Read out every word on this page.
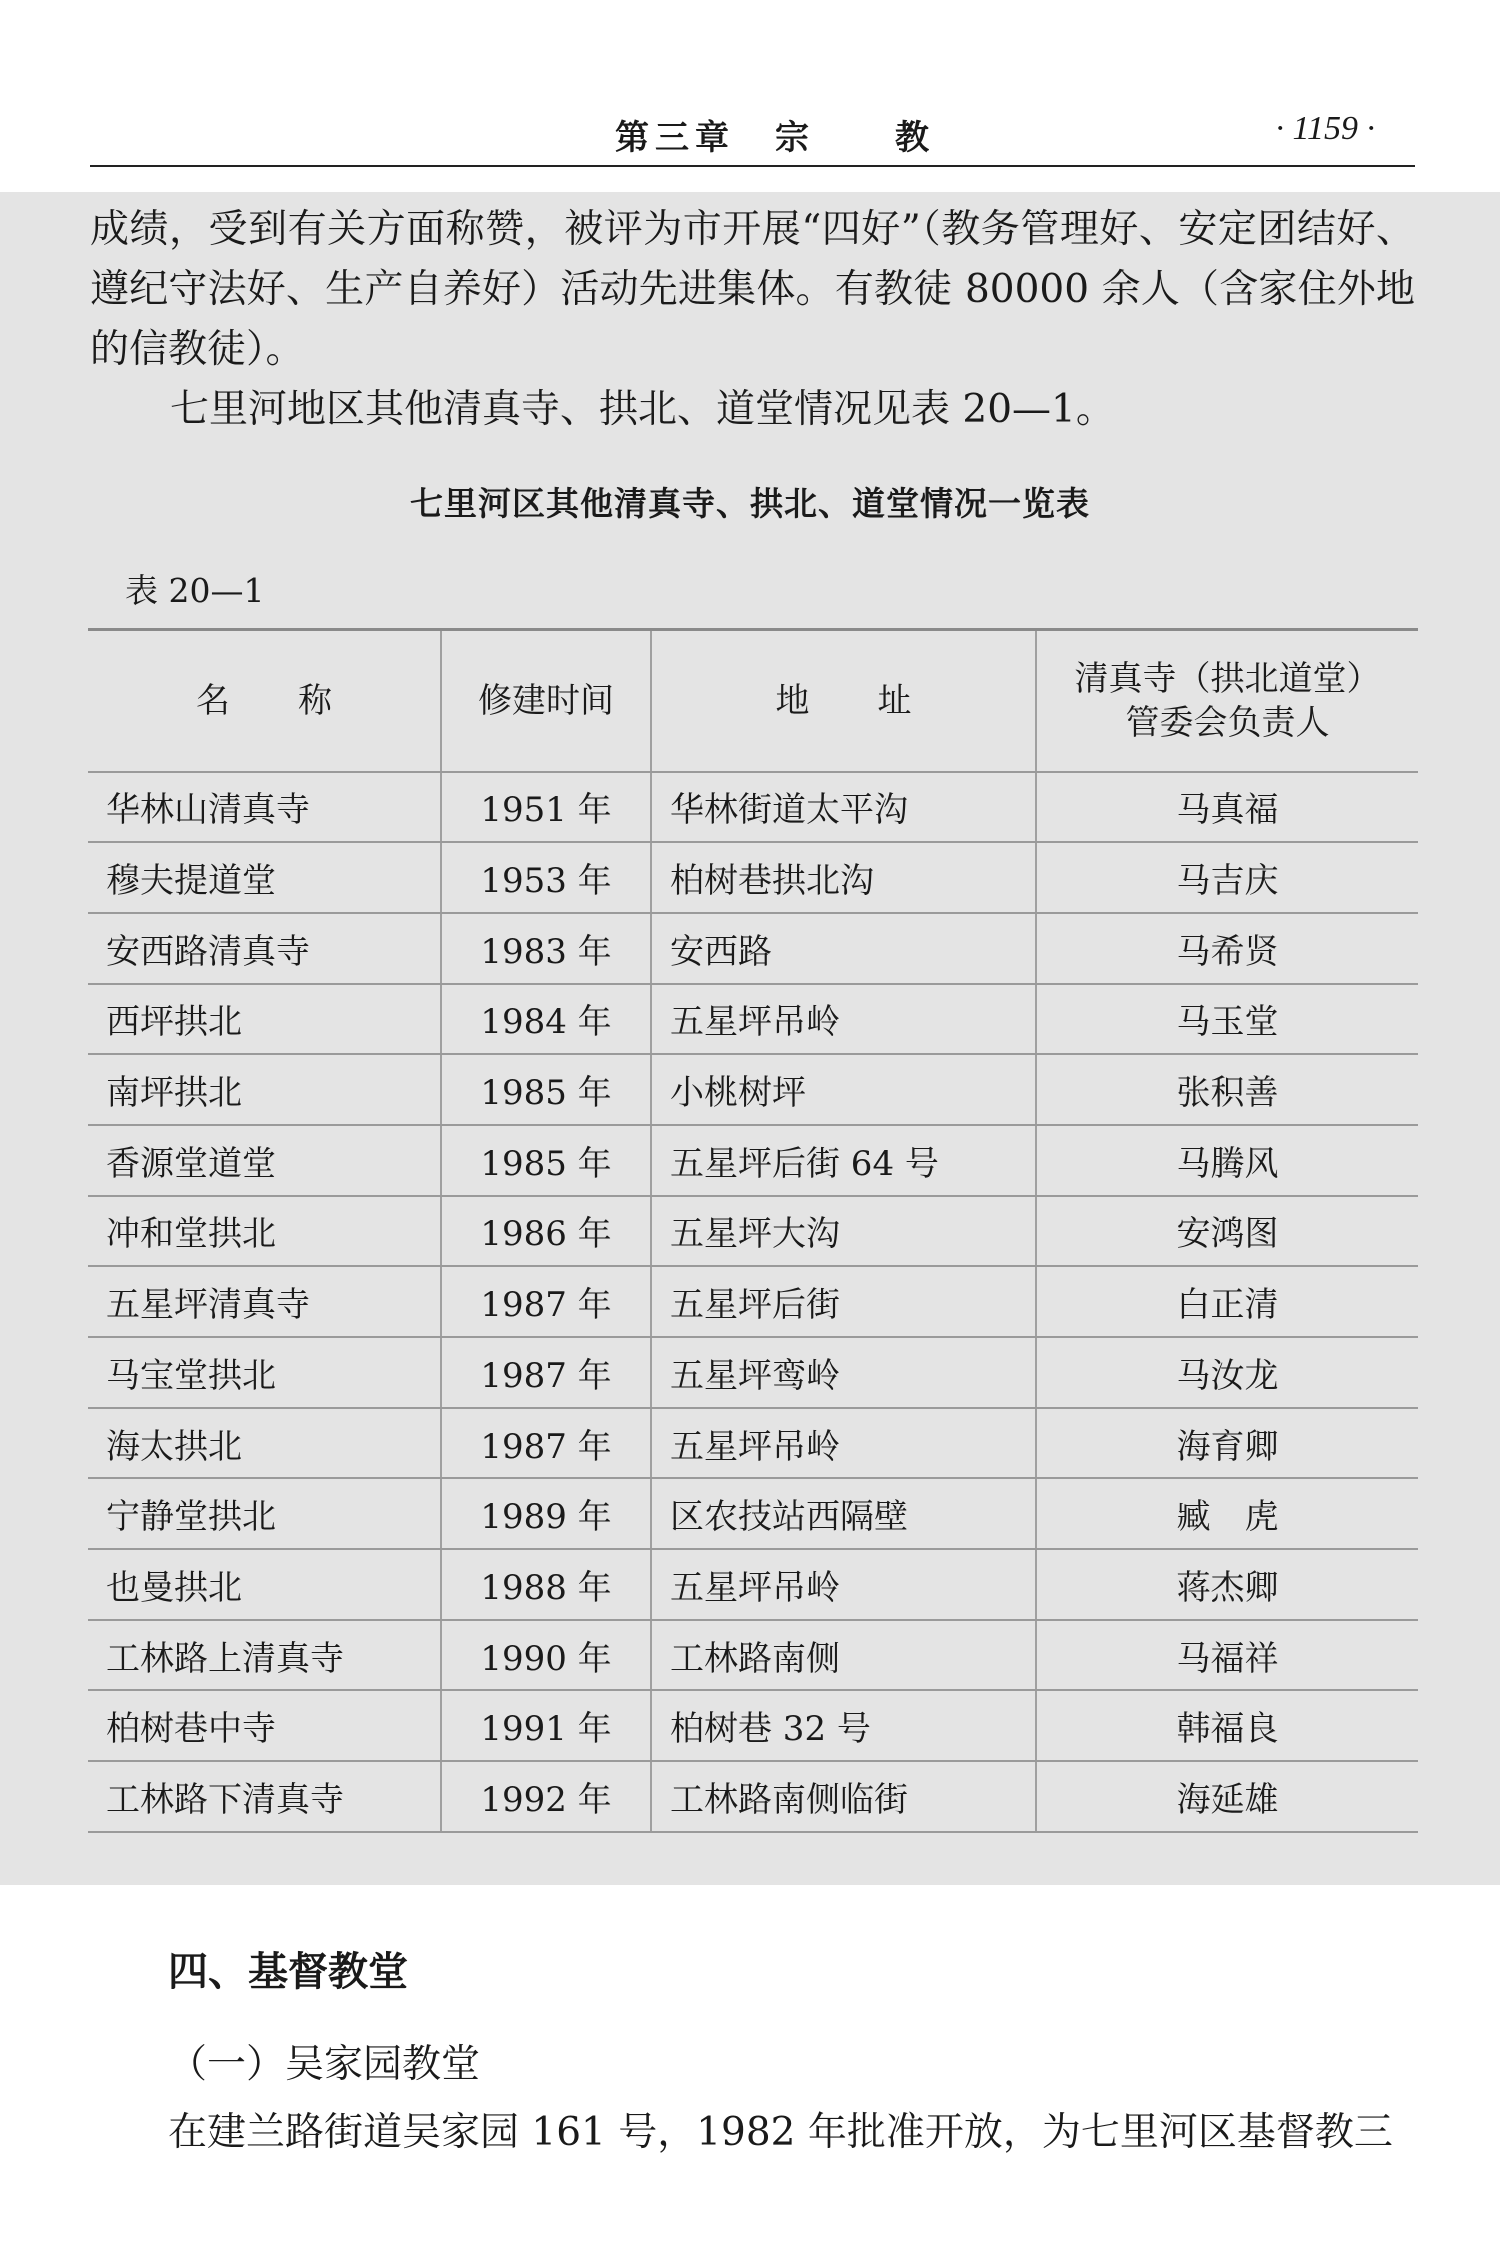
第三章　宗　　教	· 1159 ·

成绩，受到有关方面称赞，被评为市开展“四好”（教务管理好、安定团结好、遵纪守法好、生产自养好）活动先进集体。有教徒 80000 余人（含家住外地的信教徒）。

七里河地区其他清真寺、拱北、道堂情况见表 20—1。

七里河区其他清真寺、拱北、道堂情况一览表
表 20—1
名　　称	修建时间	地　　址	清真寺（拱北道堂）
管委会负责人

华林山清真寺	1951 年	华林街道太平沟	马真福
穆夫提道堂	1953 年	柏树巷拱北沟	马吉庆
安西路清真寺	1983 年	安西路	马希贤
西坪拱北	1984 年	五星坪吊岭	马玉堂
南坪拱北	1985 年	小桃树坪	张积善
香源堂道堂	1985 年	五星坪后街 64 号	马腾风
冲和堂拱北	1986 年	五星坪大沟	安鸿图
五星坪清真寺	1987 年	五星坪后街	白正清
马宝堂拱北	1987 年	五星坪鸾岭	马汝龙
海太拱北	1987 年	五星坪吊岭	海育卿
宁静堂拱北	1989 年	区农技站西隔壁	臧　虎
也曼拱北	1988 年	五星坪吊岭	蒋杰卿
工林路上清真寺	1990 年	工林路南侧	马福祥
柏树巷中寺	1991 年	柏树巷 32 号	韩福良
工林路下清真寺	1992 年	工林路南侧临街	海延雄
四、基督教堂
（一）吴家园教堂

在建兰路街道吴家园 161 号，1982 年批准开放，为七里河区基督教三
